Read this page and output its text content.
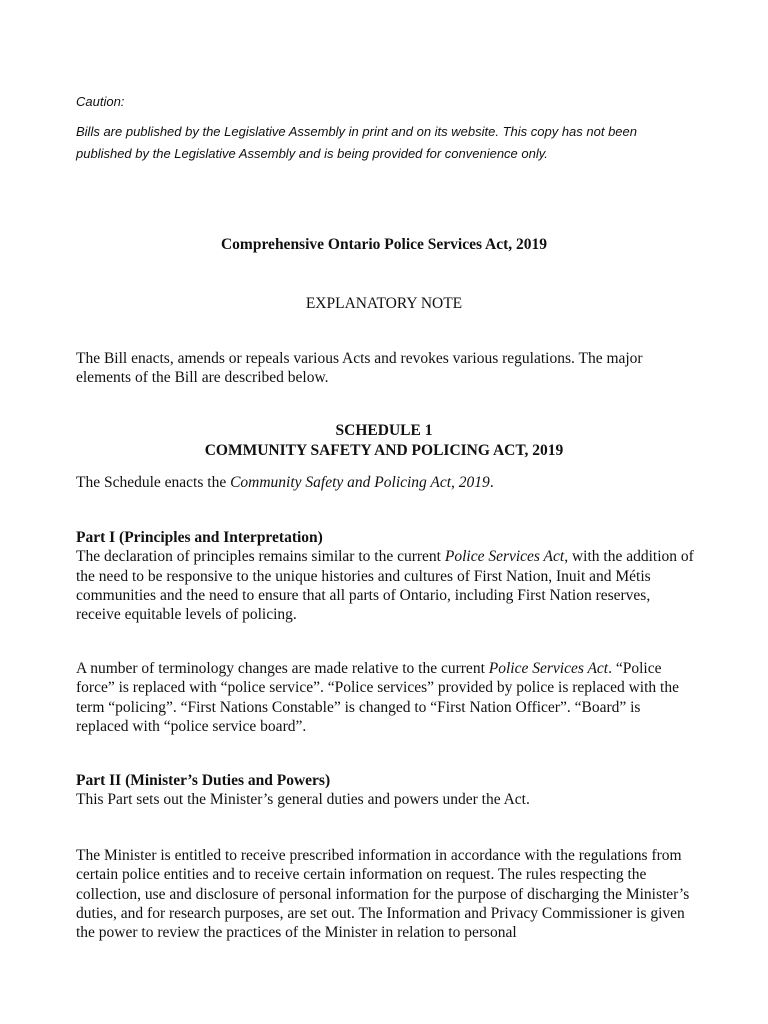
Caution:

Bills are published by the Legislative Assembly in print and on its website. This copy has not been

published by the Legislative Assembly and is being provided for convenience only.

Comprehensive Ontario Police Services Act, 2019
EXPLANATORY NOTE

The Bill enacts, amends or repeals various Acts and revokes various regulations. The major elements of the Bill are described below.

SCHEDULE 1
COMMUNITY SAFETY AND POLICING ACT, 2019

The Schedule enacts the Community Safety and Policing Act, 2019.

Part I (Principles and Interpretation)

The declaration of principles remains similar to the current Police Services Act, with the addition of the need to be responsive to the unique histories and cultures of First Nation, Inuit and Métis communities and the need to ensure that all parts of Ontario, including First Nation reserves, receive equitable levels of policing.

A number of terminology changes are made relative to the current Police Services Act. “Police force” is replaced with “police service”. “Police services” provided by police is replaced with the term “policing”. “First Nations Constable” is changed to “First Nation Officer”. “Board” is replaced with “police service board”.

Part II (Minister’s Duties and Powers)

This Part sets out the Minister’s general duties and powers under the Act.

The Minister is entitled to receive prescribed information in accordance with the regulations from certain police entities and to receive certain information on request. The rules respecting the collection, use and disclosure of personal information for the purpose of discharging the Minister’s duties, and for research purposes, are set out. The Information and Privacy Commissioner is given the power to review the practices of the Minister in relation to personal
